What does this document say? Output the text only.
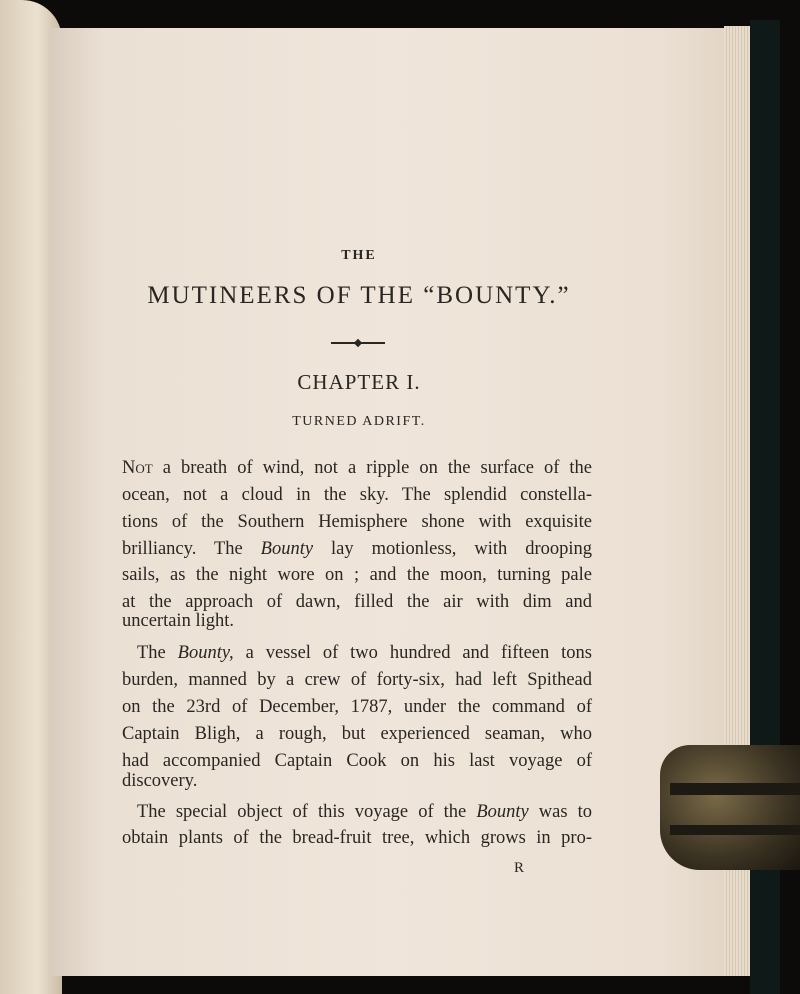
THE
MUTINEERS OF THE “BOUNTY.”
CHAPTER I.
TURNED ADRIFT.
Not a breath of wind, not a ripple on the surface of the
ocean, not a cloud in the sky. The splendid constella-
tions of the Southern Hemisphere shone with exquisite
brilliancy. The Bounty lay motionless, with drooping
sails, as the night wore on ; and the moon, turning pale
at the approach of dawn, filled the air with dim and
uncertain light.
The Bounty, a vessel of two hundred and fifteen tons
burden, manned by a crew of forty-six, had left Spithead
on the 23rd of December, 1787, under the command of
Captain Bligh, a rough, but experienced seaman, who
had accompanied Captain Cook on his last voyage of
discovery.
The special object of this voyage of the Bounty was to
obtain plants of the bread-fruit tree, which grows in pro-
R
